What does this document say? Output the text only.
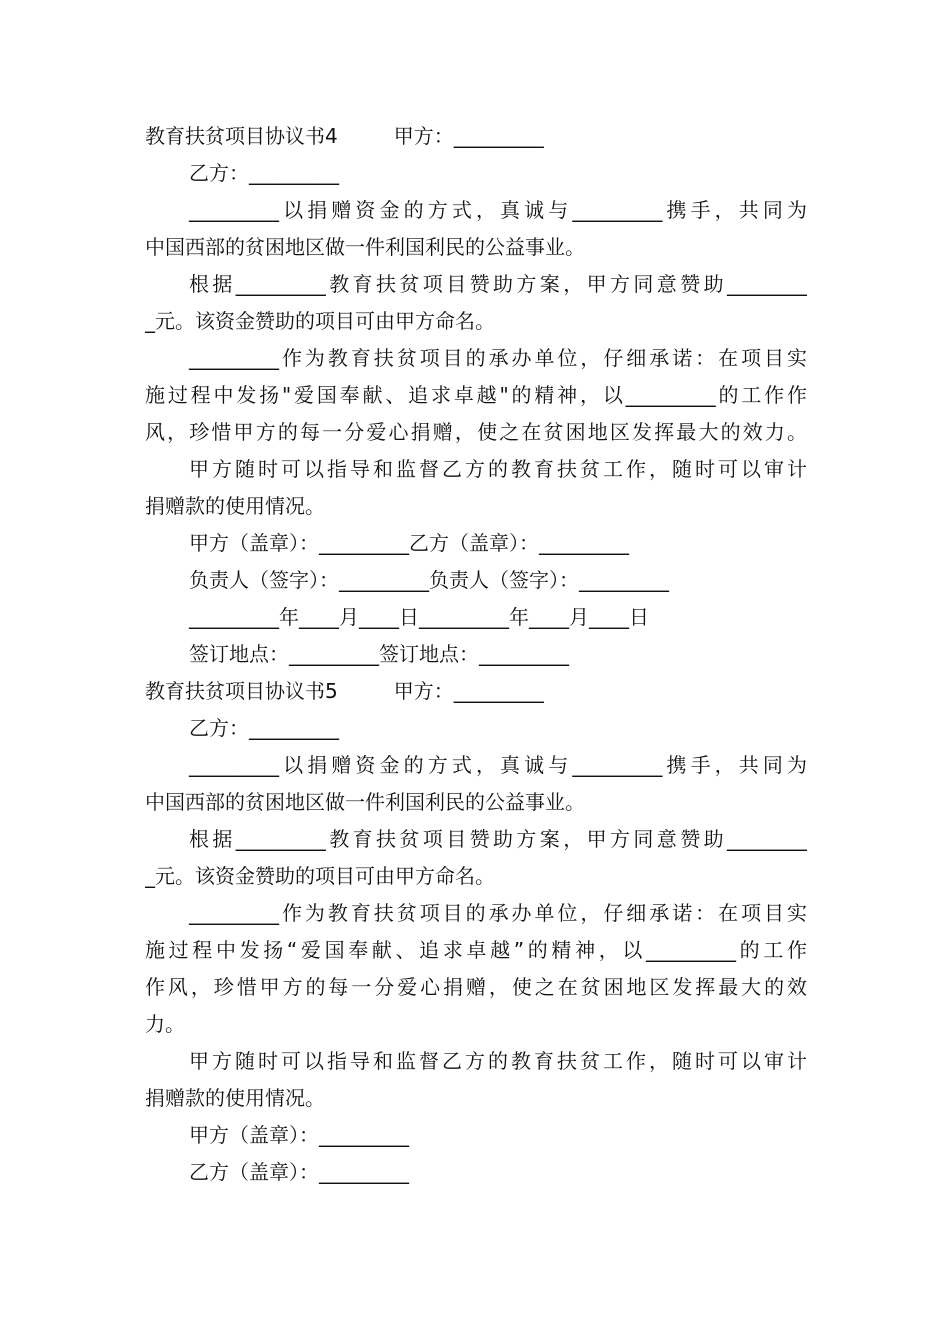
教育扶贫项目协议书4	甲方：_________
乙方：_________
_________以捐赠资金的方式，真诚与_________携手，共同为
中国西部的贫困地区做一件利国利民的公益事业。
根据_________教育扶贫项目赞助方案，甲方同意赞助________
_元。该资金赞助的项目可由甲方命名。
_________作为教育扶贫项目的承办单位，仔细承诺：在项目实
施过程中发扬"爱国奉献、追求卓越"的精神，以_________的工作作
风，珍惜甲方的每一分爱心捐赠，使之在贫困地区发挥最大的效力。
甲方随时可以指导和监督乙方的教育扶贫工作，随时可以审计
捐赠款的使用情况。
甲方（盖章）：_________乙方（盖章）：_________
负责人（签字）：_________负责人（签字）：_________
_________年____月____日_________年____月____日
签订地点：_________签订地点：_________
教育扶贫项目协议书5	甲方：_________
乙方：_________
_________以捐赠资金的方式，真诚与_________携手，共同为
中国西部的贫困地区做一件利国利民的公益事业。
根据_________教育扶贫项目赞助方案，甲方同意赞助________
_元。该资金赞助的项目可由甲方命名。
_________作为教育扶贫项目的承办单位，仔细承诺：在项目实
施过程中发扬“爱国奉献、追求卓越”的精神，以_________的工作
作风，珍惜甲方的每一分爱心捐赠，使之在贫困地区发挥最大的效
力。
甲方随时可以指导和监督乙方的教育扶贫工作，随时可以审计
捐赠款的使用情况。
甲方（盖章）：_________
乙方（盖章）：_________
